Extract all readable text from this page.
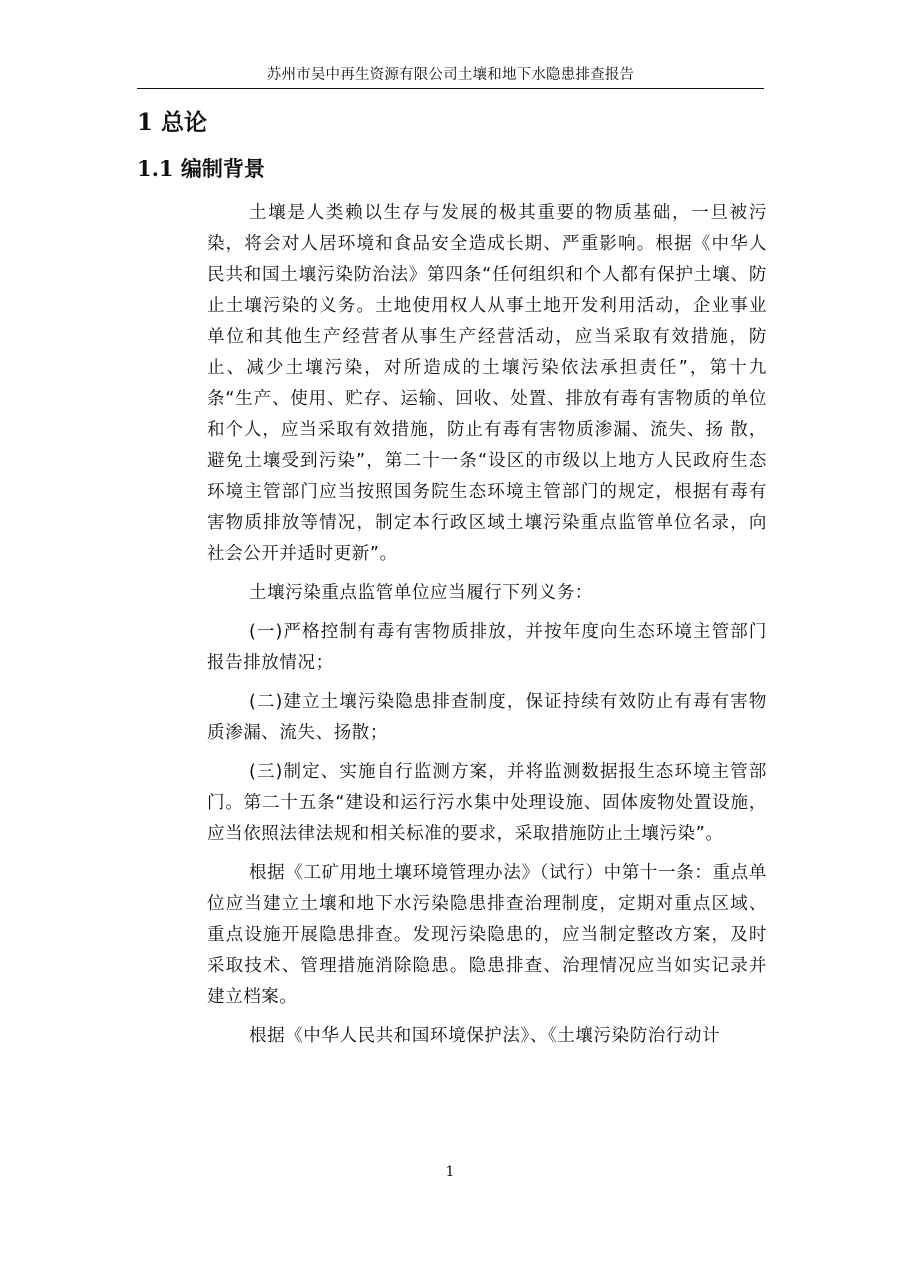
苏州市吴中再生资源有限公司土壤和地下水隐患排查报告
1 总论
1.1 编制背景

土壤是人类赖以生存与发展的极其重要的物质基础，一旦被污染，将会对人居环境和食品安全造成长期、严重影响。根据《中华人民共和国土壤污染防治法》第四条“任何组织和个人都有保护土壤、防止土壤污染的义务。土地使用权人从事土地开发利用活动，企业事业单位和其他生产经营者从事生产经营活动，应当采取有效措施，防止、减少土壤污染，对所造成的土壤污染依法承担责任”，第十九条“生产、使用、贮存、运输、回收、处置、排放有毒有害物质的单位和个人，应当采取有效措施，防止有毒有害物质渗漏、流失、扬 散，避免土壤受到污染”，第二十一条“设区的市级以上地方人民政府生态环境主管部门应当按照国务院生态环境主管部门的规定，根据有毒有害物质排放等情况，制定本行政区域土壤污染重点监管单位名录，向社会公开并适时更新”。

土壤污染重点监管单位应当履行下列义务：

(一)严格控制有毒有害物质排放，并按年度向生态环境主管部门报告排放情况；

(二)建立土壤污染隐患排查制度，保证持续有效防止有毒有害物质渗漏、流失、扬散；

(三)制定、实施自行监测方案，并将监测数据报生态环境主管部门。第二十五条“建设和运行污水集中处理设施、固体废物处置设施，应当依照法律法规和相关标准的要求，采取措施防止土壤污染”。

根据《工矿用地土壤环境管理办法》（试行）中第十一条：重点单位应当建立土壤和地下水污染隐患排查治理制度，定期对重点区域、重点设施开展隐患排查。发现污染隐患的，应当制定整改方案，及时采取技术、管理措施消除隐患。隐患排查、治理情况应当如实记录并建立档案。

根据《中华人民共和国环境保护法》、《土壤污染防治行动计

1
